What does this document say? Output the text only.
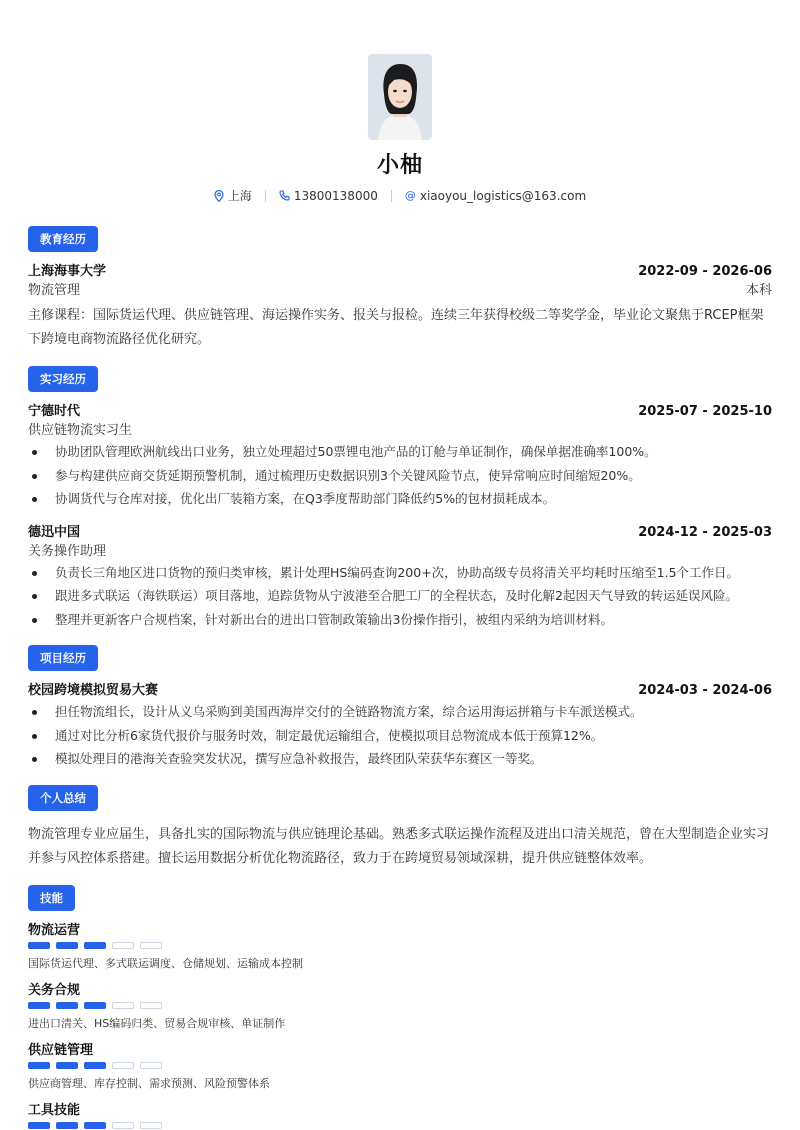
小柚
上海	13800138000 @ xiaoyou_logistics@163.com
教育经历
上海海事大学	2022-09 - 2026-06
物流管理	本科
主修课程：国际货运代理、供应链管理、海运操作实务、报关与报检。连续三年获得校级二等奖学金，毕业论文聚焦于RCEP框架下跨境电商物流路径优化研究。
实习经历
宁德时代	2025-07 - 2025-10
供应链物流实习生
协助团队管理欧洲航线出口业务，独立处理超过50票锂电池产品的订舱与单证制作，确保单据准确率100%。
参与构建供应商交货延期预警机制，通过梳理历史数据识别3个关键风险节点，使异常响应时间缩短20%。
协调货代与仓库对接，优化出厂装箱方案，在Q3季度帮助部门降低约5%的包材损耗成本。
德迅中国	2024-12 - 2025-03
关务操作助理
负责长三角地区进口货物的预归类审核，累计处理HS编码查询200+次，协助高级专员将清关平均耗时压缩至1.5个工作日。
跟进多式联运（海铁联运）项目落地，追踪货物从宁波港至合肥工厂的全程状态，及时化解2起因天气导致的转运延误风险。
整理并更新客户合规档案，针对新出台的进出口管制政策输出3份操作指引，被组内采纳为培训材料。
项目经历
校园跨境模拟贸易大赛	2024-03 - 2024-06
担任物流组长，设计从义乌采购到美国西海岸交付的全链路物流方案，综合运用海运拼箱与卡车派送模式。
通过对比分析6家货代报价与服务时效，制定最优运输组合，使模拟项目总物流成本低于预算12%。
模拟处理目的港海关查验突发状况，撰写应急补救报告，最终团队荣获华东赛区一等奖。
个人总结
物流管理专业应届生，具备扎实的国际物流与供应链理论基础。熟悉多式联运操作流程及进出口清关规范，曾在大型制造企业实习并参与风控体系搭建。擅长运用数据分析优化物流路径，致力于在跨境贸易领域深耕，提升供应链整体效率。
技能
物流运营
国际货运代理、多式联运调度、仓储规划、运输成本控制
关务合规
进出口清关、HS编码归类、贸易合规审核、单证制作
供应链管理
供应商管理、库存控制、需求预测、风险预警体系
工具技能
